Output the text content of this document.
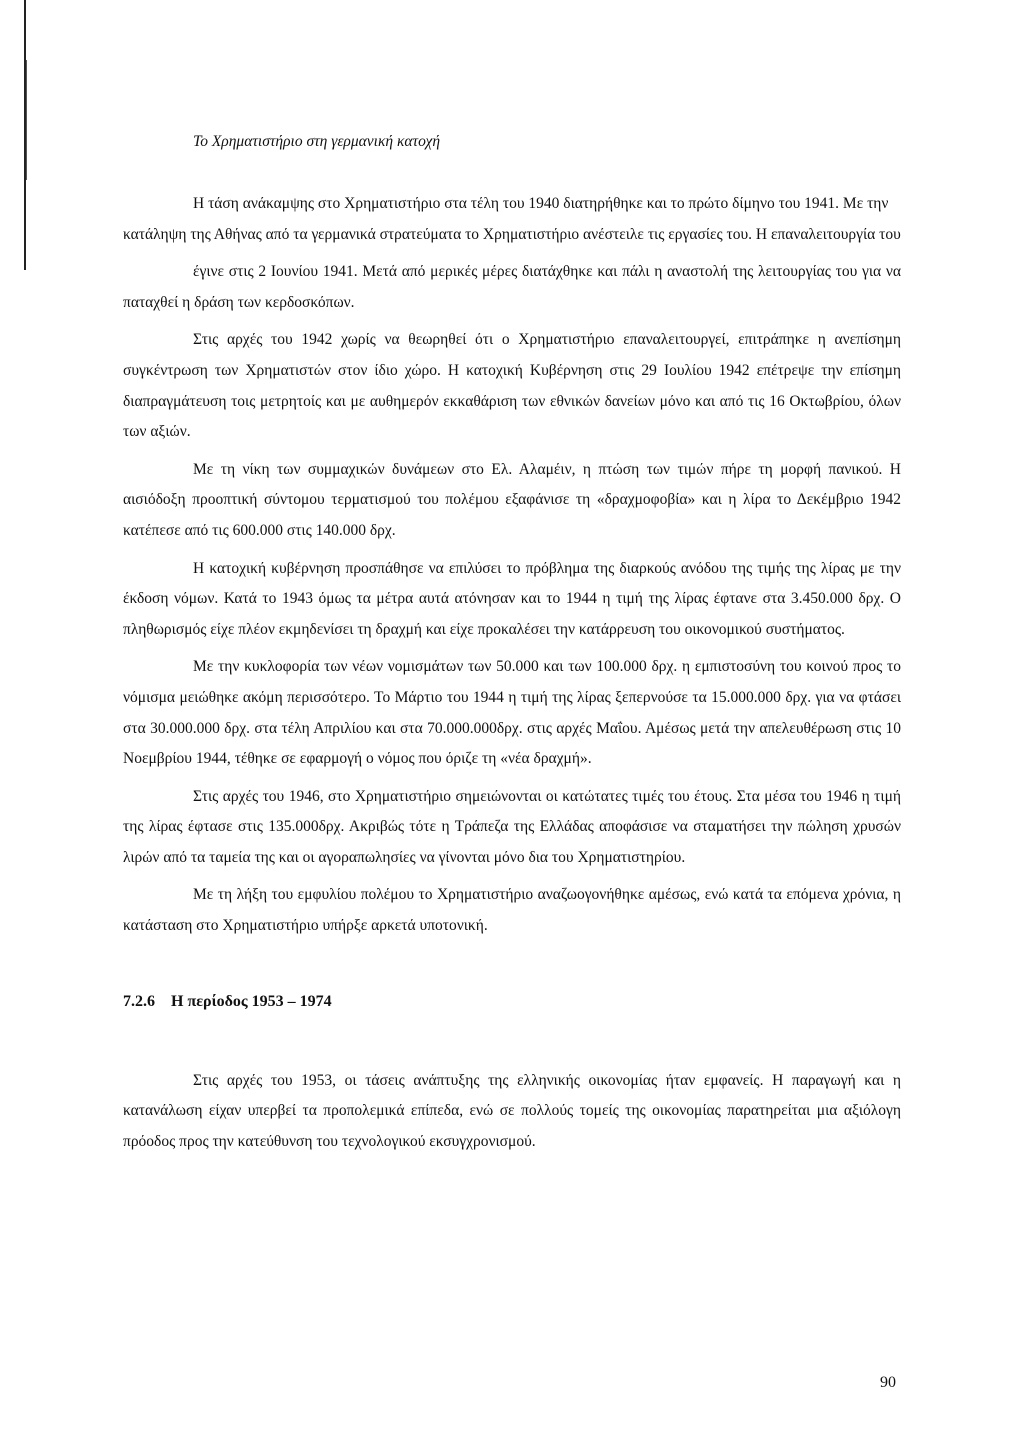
Το Χρηματιστήριο στη γερμανική κατοχή

Η τάση ανάκαμψης στο Χρηματιστήριο στα τέλη του 1940 διατηρήθηκε και το πρώτο δίμηνο του 1941. Με την κατάληψη της Αθήνας από τα γερμανικά στρατεύματα το Χρηματιστήριο ανέστειλε τις εργασίες του. Η επαναλειτουργία του

έγινε στις 2 Ιουνίου 1941. Μετά από μερικές μέρες διατάχθηκε και πάλι η αναστολή της λειτουργίας του για να παταχθεί η δράση των κερδοσκόπων.

Στις αρχές του 1942 χωρίς να θεωρηθεί ότι ο Χρηματιστήριο επαναλειτουργεί, επιτράπηκε η ανεπίσημη συγκέντρωση των Χρηματιστών στον ίδιο χώρο. Η κατοχική Κυβέρνηση στις 29 Ιουλίου 1942 επέτρεψε την επίσημη διαπραγμάτευση τοις μετρητοίς και με αυθημερόν εκκαθάριση των εθνικών δανείων μόνο και από τις 16 Οκτωβρίου, όλων των αξιών.

Με τη νίκη των συμμαχικών δυνάμεων στο Ελ. Αλαμέιν, η πτώση των τιμών πήρε τη μορφή πανικού. Η αισιόδοξη προοπτική σύντομου τερματισμού του πολέμου εξαφάνισε τη «δραχμοφοβία» και η λίρα το Δεκέμβριο 1942 κατέπεσε από τις 600.000 στις 140.000 δρχ.

Η κατοχική κυβέρνηση προσπάθησε να επιλύσει το πρόβλημα της διαρκούς ανόδου της τιμής της λίρας με την έκδοση νόμων. Κατά το 1943 όμως τα μέτρα αυτά ατόνησαν και το 1944 η τιμή της λίρας έφτανε στα 3.450.000 δρχ. Ο πληθωρισμός είχε πλέον εκμηδενίσει τη δραχμή και είχε προκαλέσει την κατάρρευση του οικονομικού συστήματος.

Με την κυκλοφορία των νέων νομισμάτων των 50.000 και των 100.000 δρχ. η εμπιστοσύνη του κοινού προς το νόμισμα μειώθηκε ακόμη περισσότερο. Το Μάρτιο του 1944 η τιμή της λίρας ξεπερνούσε τα 15.000.000 δρχ. για να φτάσει στα 30.000.000 δρχ. στα τέλη Απριλίου και στα 70.000.000δρχ. στις αρχές Μαΐου. Αμέσως μετά την απελευθέρωση στις 10 Νοεμβρίου 1944, τέθηκε σε εφαρμογή ο νόμος που όριζε τη «νέα δραχμή».

Στις αρχές του 1946, στο Χρηματιστήριο σημειώνονται οι κατώτατες τιμές του έτους. Στα μέσα του 1946 η τιμή της λίρας έφτασε στις 135.000δρχ. Ακριβώς τότε η Τράπεζα της Ελλάδας αποφάσισε να σταματήσει την πώληση χρυσών λιρών από τα ταμεία της και οι αγοραπωλησίες να γίνονται μόνο δια του Χρηματιστηρίου.

Με τη λήξη του εμφυλίου πολέμου το Χρηματιστήριο αναζωογονήθηκε αμέσως, ενώ κατά τα επόμενα χρόνια, η κατάσταση στο Χρηματιστήριο υπήρξε αρκετά υποτονική.

7.2.6 Η περίοδος 1953 – 1974

Στις αρχές του 1953, οι τάσεις ανάπτυξης της ελληνικής οικονομίας ήταν εμφανείς. Η παραγωγή και η κατανάλωση είχαν υπερβεί τα προπολεμικά επίπεδα, ενώ σε πολλούς τομείς της οικονομίας παρατηρείται μια αξιόλογη πρόοδος προς την κατεύθυνση του τεχνολογικού εκσυγχρονισμού.

90
